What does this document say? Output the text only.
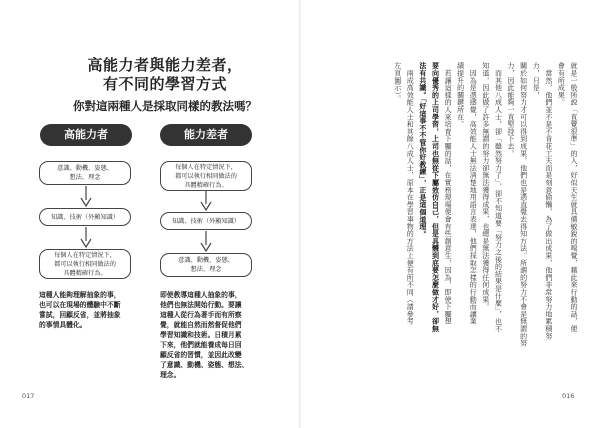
高能力者與能力差者，
有不同的學習方式
你對這兩種人是採取同樣的教法嗎？
高能力者
意識、動機、姿態、
想法、理念
知識、技術（外顯知識）
每個人在特定情況下，
都可以執行相同做法的
具體精確行為。
這種人能夠理解抽象的事，
也可以在現場的體驗中不斷
嘗試，回顧反省，並將抽象
的事情具體化。
能力差者
每個人在特定情況下，
都可以執行相同做法的
具體精確行為。
知識、技術（外顯知識）
意識、動機、姿態、
想法、理念
即使教導這種人抽象的事，
他們也無法開始行動。要讓
這種人從行為著手而有所察
覺，就能自然而然督促他們
學習知識和技術。日積月累
下來，他們就能養成每日回
顧反省的習慣，並因此改變
了意識、動機、姿態、想法、
理念。
017

就是一般所說「直覺很準」的人，好似天生就具備敏銳的嗅覺，藉此來行動的話，便

會有所成果。

　當然，他們並不是不肯花工夫而是刻意偷懶，為了做出成果，他們非常努力地累積努力，只是，

關於如何努力才可以得到成果，他們也是憑直覺去得知方法。所謂的努力不會是無謂的努

力，因此能夠一直堅持下去。

　而其他八成人士，卻「雖然努力了」，卻不知道要「努力之後的結果是什麼」，也不

知道，因此做了許多無謂的努力卻無法獲得成果，也總是無法獲得任何成果。

　因為是憑感覺，高效能人士無法清楚地用語言表達，他們採取怎樣的行動而讓業

績提升的關鍵所在。

　若讓這樣的人來培育下屬的話，在實務現場便會有些創意生，因為，即使下屬想

要向優秀的上司學習，上司也無從下屬效仿自己，但是具體到底要怎麼做才好，卻無

法有共識。「好這事不不管你好教練」，正是這個道理。

　兩成高效能人士和其餘八成人士，原本在學習事物的方法上便有所不同（請參考

左頁圖示）。

016
